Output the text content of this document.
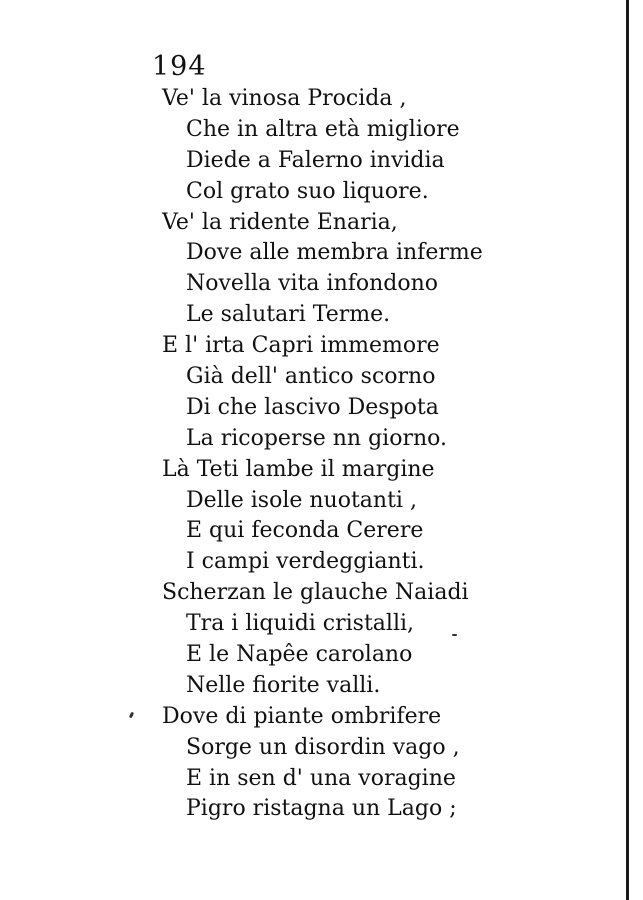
194
Ve' la vinosa Procida ,
Che in altra età migliore
Diede a Falerno invidia
Col grato suo liquore.
Ve' la ridente Enaria,
Dove alle membra inferme
Novella vita infondono
Le salutari Terme.
E l' irta Capri immemore
Già dell' antico scorno
Di che lascivo Despota
La ricoperse nn giorno.
Là Teti lambe il margine
Delle isole nuotanti ,
E qui feconda Cerere
I campi verdeggianti.
Scherzan le glauche Naiadi
Tra i liquidi cristalli,
E le Napêe carolano
Nelle fiorite valli.
Dove di piante ombrifere
Sorge un disordin vago ,
E in sen d' una voragine
Pigro ristagna un Lago ;
